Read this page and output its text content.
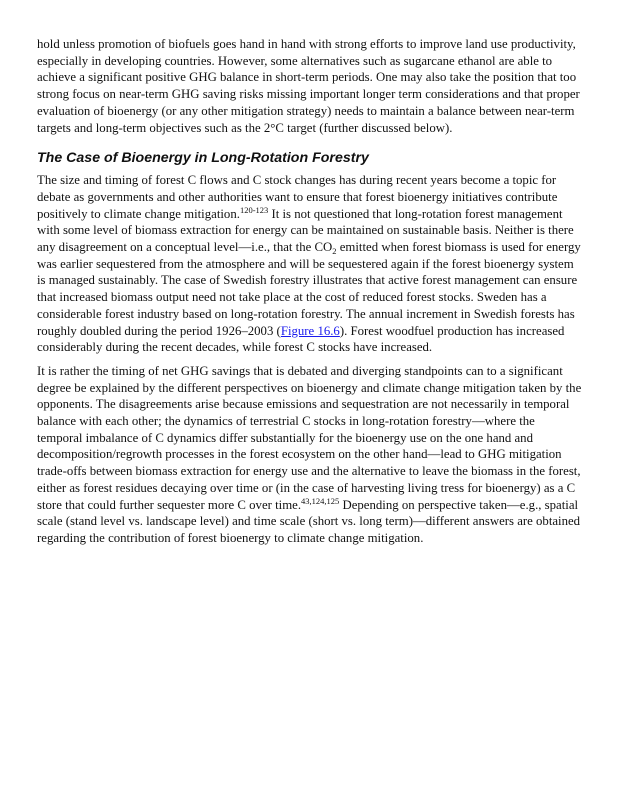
hold unless promotion of biofuels goes hand in hand with strong efforts to improve land use productivity, especially in developing countries. However, some alternatives such as sugarcane ethanol are able to achieve a significant positive GHG balance in short-term periods. One may also take the position that too strong focus on near-term GHG saving risks missing important longer term considerations and that proper evaluation of bioenergy (or any other mitigation strategy) needs to maintain a balance between near-term targets and long-term objectives such as the 2°C target (further discussed below).

The Case of Bioenergy in Long-Rotation Forestry

The size and timing of forest C flows and C stock changes has during recent years become a topic for debate as governments and other authorities want to ensure that forest bioenergy initiatives contribute positively to climate change mitigation.$^{120-123}$ It is not questioned that long-rotation forest management with some level of biomass extraction for energy can be maintained on sustainable basis. Neither is there any disagreement on a conceptual level—i.e., that the $CO_2$ emitted when forest biomass is used for energy was earlier sequestered from the atmosphere and will be sequestered again if the forest bioenergy system is managed sustainably. The case of Swedish forestry illustrates that active forest management can ensure that increased biomass output need not take place at the cost of reduced forest stocks. Sweden has a considerable forest industry based on long-rotation forestry. The annual increment in Swedish forests has roughly doubled during the period 1926–2003 (Figure 16.6). Forest woodfuel production has increased considerably during the recent decades, while forest C stocks have increased.

It is rather the timing of net GHG savings that is debated and diverging standpoints can to a significant degree be explained by the different perspectives on bioenergy and climate change mitigation taken by the opponents. The disagreements arise because emissions and sequestration are not necessarily in temporal balance with each other; the dynamics of terrestrial C stocks in long-rotation forestry—where the temporal imbalance of C dynamics differ substantially for the bioenergy use on the one hand and decomposition/regrowth processes in the forest ecosystem on the other hand—lead to GHG mitigation trade-offs between biomass extraction for energy use and the alternative to leave the biomass in the forest, either as forest residues decaying over time or (in the case of harvesting living tress for bioenergy) as a C store that could further sequester more C over time.$^{43,124,125}$ Depending on perspective taken—e.g., spatial scale (stand level vs. landscape level) and time scale (short vs. long term)—different answers are obtained regarding the contribution of forest bioenergy to climate change mitigation.
